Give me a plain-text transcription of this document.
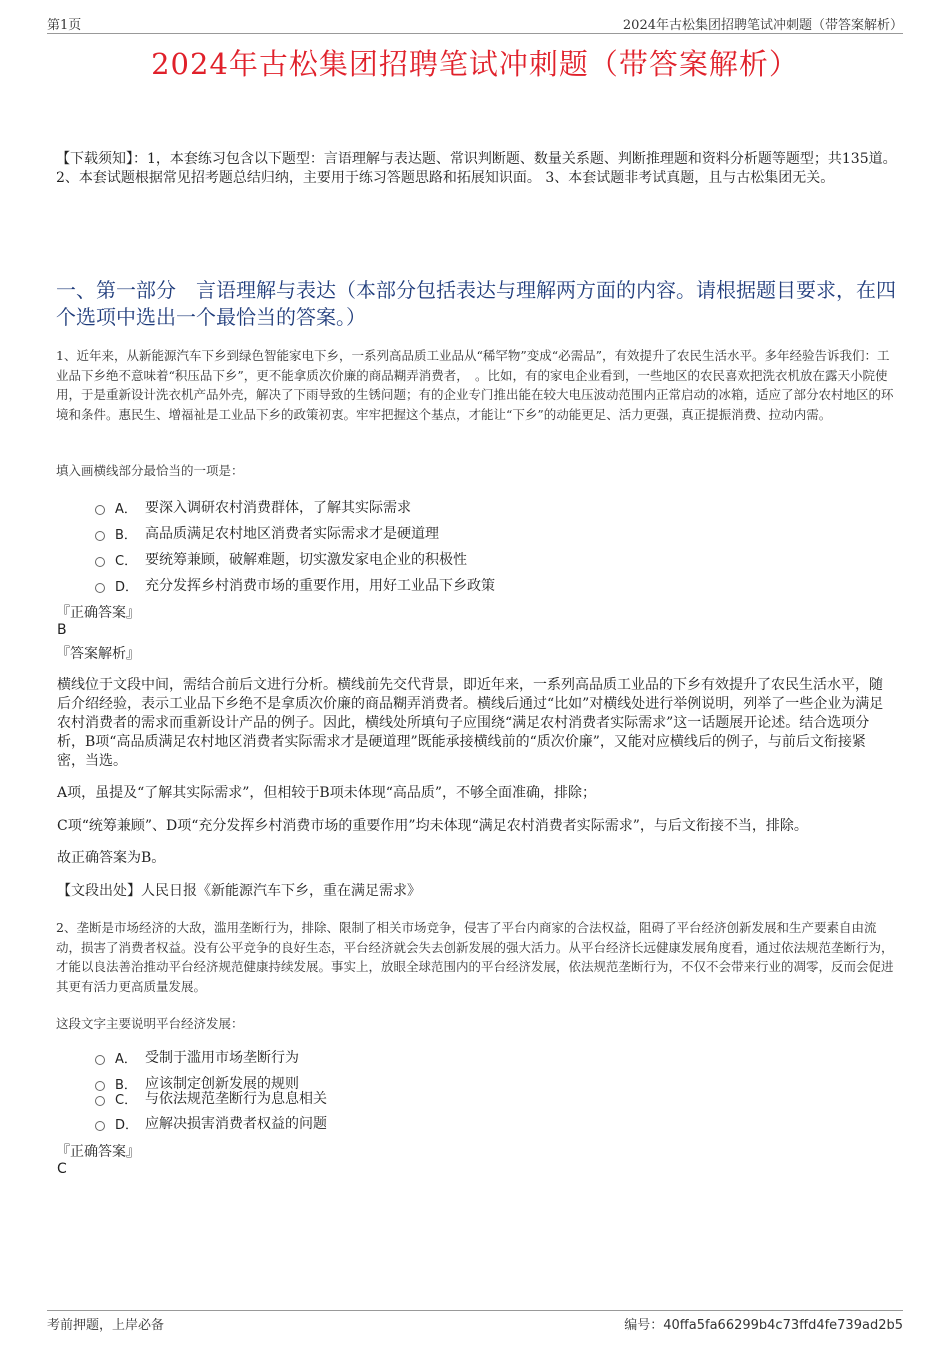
第1页	2024年古松集团招聘笔试冲刺题（带答案解析）
2024年古松集团招聘笔试冲刺题（带答案解析）
【下载须知】：1，本套练习包含以下题型：言语理解与表达题、常识判断题、数量关系题、判断推理题和资料分析题等题型；共135道。 2、本套试题根据常见招考题总结归纳，主要用于练习答题思路和拓展知识面。 3、本套试题非考试真题，且与古松集团无关。
一、第一部分　言语理解与表达（本部分包括表达与理解两方面的内容。请根据题目要求，在四个选项中选出一个最恰当的答案。）
1、近年来，从新能源汽车下乡到绿色智能家电下乡，一系列高品质工业品从“稀罕物”变成“必需品”，有效提升了农民生活水平。多年经验告诉我们：工业品下乡绝不意味着“积压品下乡”，更不能拿质次价廉的商品糊弄消费者，　。比如，有的家电企业看到，一些地区的农民喜欢把洗衣机放在露天小院使用，于是重新设计洗衣机产品外壳，解决了下雨导致的生锈问题；有的企业专门推出能在较大电压波动范围内正常启动的冰箱，适应了部分农村地区的环境和条件。惠民生、增福祉是工业品下乡的政策初衷。牢牢把握这个基点，才能让“下乡”的动能更足、活力更强，真正提振消费、拉动内需。
填入画横线部分最恰当的一项是：
A． 要深入调研农村消费群体，了解其实际需求
B． 高品质满足农村地区消费者实际需求才是硬道理
C． 要统筹兼顾，破解难题，切实激发家电企业的积极性
D． 充分发挥乡村消费市场的重要作用，用好工业品下乡政策
『正确答案』
B
『答案解析』
横线位于文段中间，需结合前后文进行分析。横线前先交代背景，即近年来，一系列高品质工业品的下乡有效提升了农民生活水平，随后介绍经验，表示工业品下乡绝不是拿质次价廉的商品糊弄消费者。横线后通过“比如”对横线处进行举例说明，列举了一些企业为满足农村消费者的需求而重新设计产品的例子。因此，横线处所填句子应围绕“满足农村消费者实际需求”这一话题展开论述。结合选项分析，B项“高品质满足农村地区消费者实际需求才是硬道理”既能承接横线前的“质次价廉”，又能对应横线后的例子，与前后文衔接紧密，当选。
A项，虽提及“了解其实际需求”，但相较于B项未体现“高品质”，不够全面准确，排除；
C项“统筹兼顾”、D项“充分发挥乡村消费市场的重要作用”均未体现“满足农村消费者实际需求”，与后文衔接不当，排除。
故正确答案为B。
【文段出处】人民日报《新能源汽车下乡，重在满足需求》
2、垄断是市场经济的大敌，滥用垄断行为，排除、限制了相关市场竞争，侵害了平台内商家的合法权益，阻碍了平台经济创新发展和生产要素自由流动，损害了消费者权益。没有公平竞争的良好生态，平台经济就会失去创新发展的强大活力。从平台经济长远健康发展角度看，通过依法规范垄断行为，才能以良法善治推动平台经济规范健康持续发展。事实上，放眼全球范围内的平台经济发展，依法规范垄断行为，不仅不会带来行业的凋零，反而会促进其更有活力更高质量发展。
这段文字主要说明平台经济发展：
A． 受制于滥用市场垄断行为
B． 应该制定创新发展的规则
C． 与依法规范垄断行为息息相关
D． 应解决损害消费者权益的问题
『正确答案』
C
考前押题，上岸必备	编号：40ffa5fa66299b4c73ffd4fe739ad2b5
